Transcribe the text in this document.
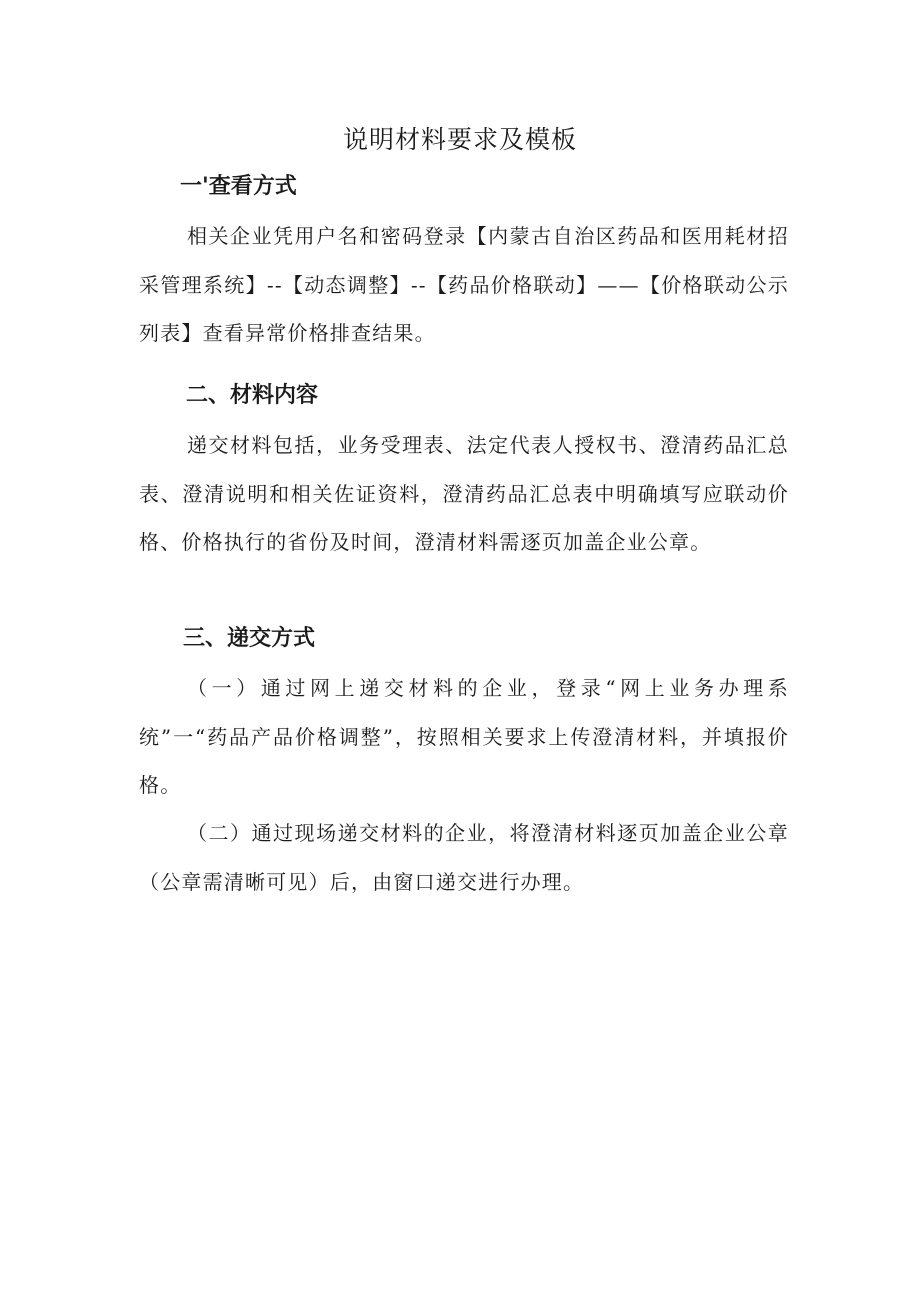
说明材料要求及模板
一'查看方式

相关企业凭用户名和密码登录【内蒙古自治区药品和医用耗材招采管理系统】--【动态调整】--【药品价格联动】——【价格联动公示列表】查看异常价格排查结果。

二、材料内容

递交材料包括，业务受理表、法定代表人授权书、澄清药品汇总表、澄清说明和相关佐证资料，澄清药品汇总表中明确填写应联动价格、价格执行的省份及时间，澄清材料需逐页加盖企业公章。

三、递交方式

（一）通过网上递交材料的企业，登录“网上业务办理系统”一“药品产品价格调整”，按照相关要求上传澄清材料，并填报价格。

（二）通过现场递交材料的企业，将澄清材料逐页加盖企业公章（公章需清晰可见）后，由窗口递交进行办理。
